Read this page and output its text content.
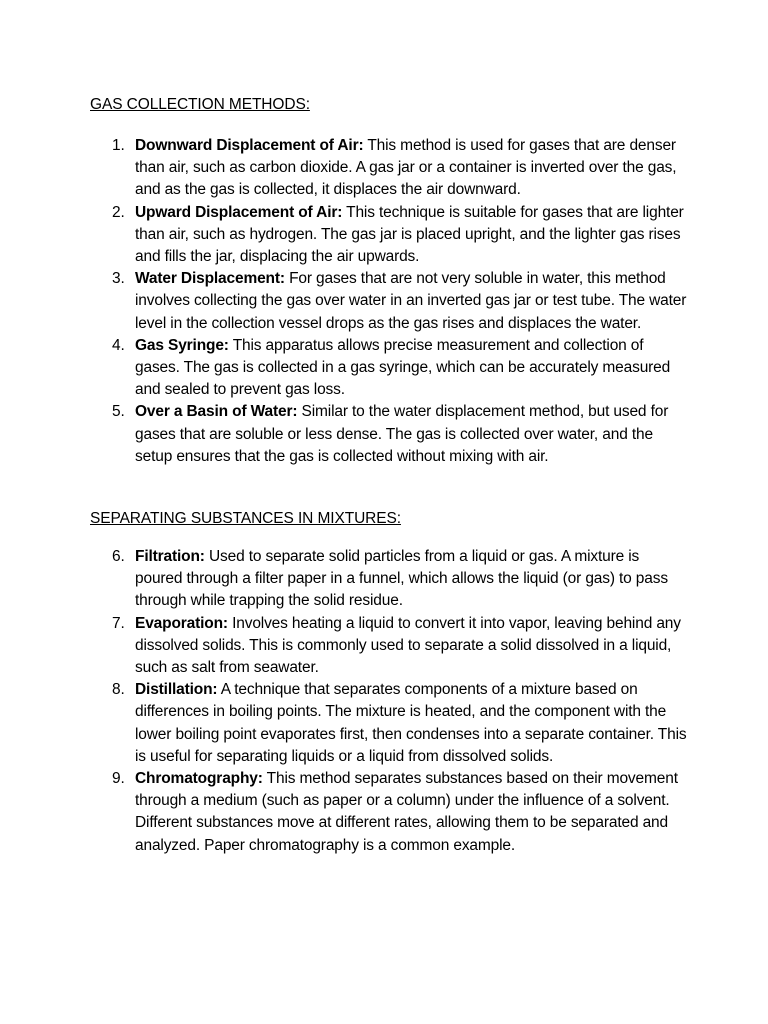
GAS COLLECTION METHODS:
1. Downward Displacement of Air: This method is used for gases that are denser than air, such as carbon dioxide. A gas jar or a container is inverted over the gas, and as the gas is collected, it displaces the air downward.
2. Upward Displacement of Air: This technique is suitable for gases that are lighter than air, such as hydrogen. The gas jar is placed upright, and the lighter gas rises and fills the jar, displacing the air upwards.
3. Water Displacement: For gases that are not very soluble in water, this method involves collecting the gas over water in an inverted gas jar or test tube. The water level in the collection vessel drops as the gas rises and displaces the water.
4. Gas Syringe: This apparatus allows precise measurement and collection of gases. The gas is collected in a gas syringe, which can be accurately measured and sealed to prevent gas loss.
5. Over a Basin of Water: Similar to the water displacement method, but used for gases that are soluble or less dense. The gas is collected over water, and the setup ensures that the gas is collected without mixing with air.
SEPARATING SUBSTANCES IN MIXTURES:
6. Filtration: Used to separate solid particles from a liquid or gas. A mixture is poured through a filter paper in a funnel, which allows the liquid (or gas) to pass through while trapping the solid residue.
7. Evaporation: Involves heating a liquid to convert it into vapor, leaving behind any dissolved solids. This is commonly used to separate a solid dissolved in a liquid, such as salt from seawater.
8. Distillation: A technique that separates components of a mixture based on differences in boiling points. The mixture is heated, and the component with the lower boiling point evaporates first, then condenses into a separate container. This is useful for separating liquids or a liquid from dissolved solids.
9. Chromatography: This method separates substances based on their movement through a medium (such as paper or a column) under the influence of a solvent. Different substances move at different rates, allowing them to be separated and analyzed. Paper chromatography is a common example.
